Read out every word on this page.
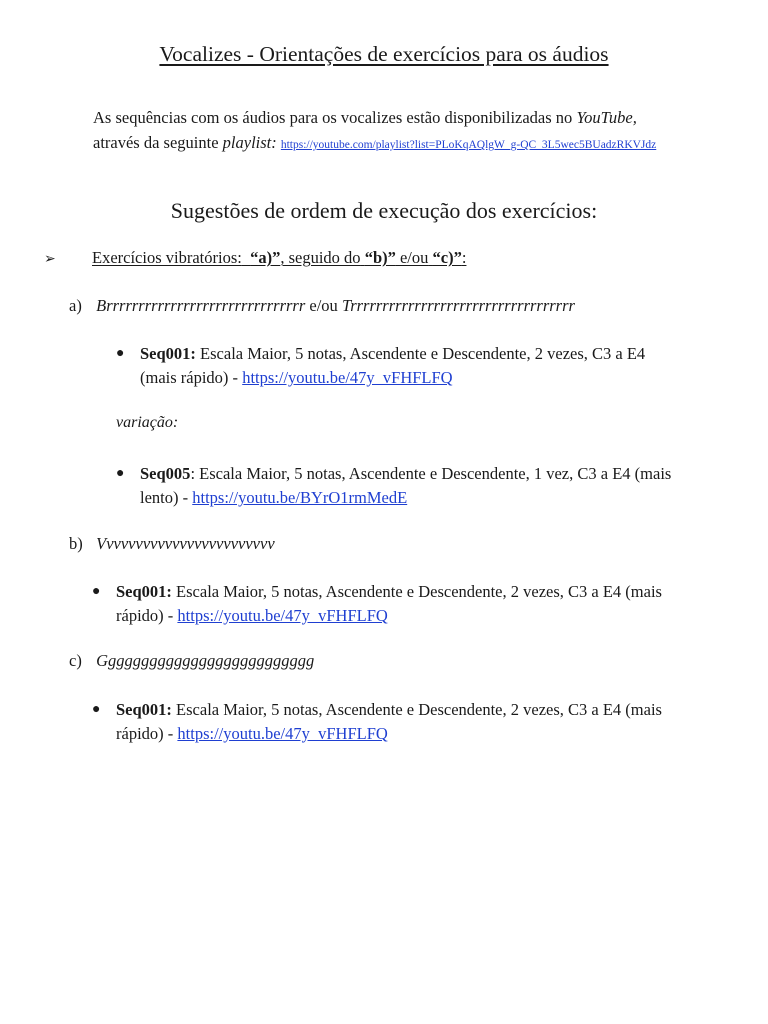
Vocalizes - Orientações de exercícios para os áudios
As sequências com os áudios para os vocalizes estão disponibilizadas no YouTube,
através da seguinte playlist: https://youtube.com/playlist?list=PLoKqAQlgW_g-QC_3L5wec5BUadzRKVJdz
Sugestões de ordem de execução dos exercícios:
➢ Exercícios vibratórios: “a)”, seguido do “b)” e/ou “c)”:
a) Brrrrrrrrrrrrrrrrrrrrrrrrrrrrrrr e/ou Trrrrrrrrrrrrrrrrrrrrrrrrrrrrrrrrrrr
● Seq001: Escala Maior, 5 notas, Ascendente e Descendente, 2 vezes, C3 a E4
(mais rápido) - https://youtu.be/47y_vFHFLFQ
variação:
● Seq005: Escala Maior, 5 notas, Ascendente e Descendente, 1 vez, C3 a E4 (mais
lento) - https://youtu.be/BYrO1rmMedE
b) Vvvvvvvvvvvvvvvvvvvvvvvv
● Seq001: Escala Maior, 5 notas, Ascendente e Descendente, 2 vezes, C3 a E4 (mais
rápido) - https://youtu.be/47y_vFHFLFQ
c) Gggggggggggggggggggggggggg
● Seq001: Escala Maior, 5 notas, Ascendente e Descendente, 2 vezes, C3 a E4 (mais
rápido) - https://youtu.be/47y_vFHFLFQ
